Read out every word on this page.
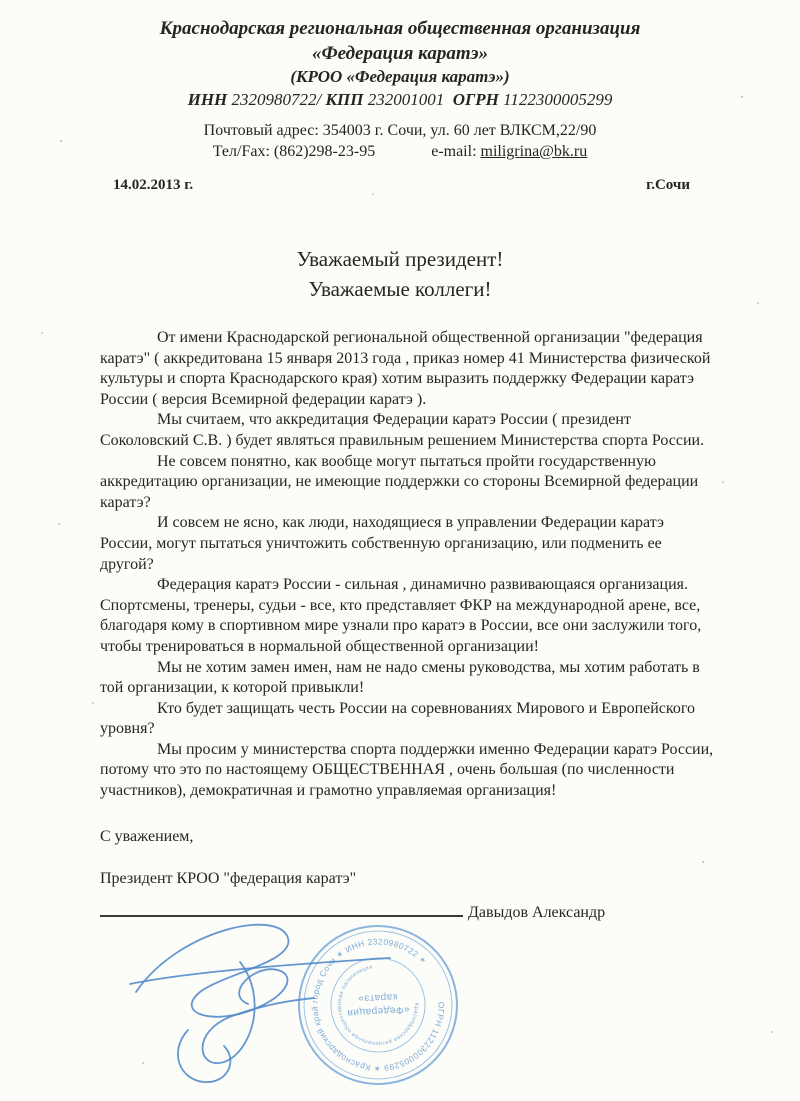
Краснодарская региональная общественная организация
«Федерация каратэ»
(КРОО «Федерация каратэ»)
ИНН 2320980722/ КПП 232001001 ОГРН 1122300005299
Почтовый адрес: 354003 г. Сочи, ул. 60 лет ВЛКСМ,22/90
Тел/Fax: (862)298-23-95	e-mail: miligrina@bk.ru
14.02.2013 г.	г.Сочи
Уважаемый президент!
Уважаемые коллеги!

От имени Краснодарской региональной общественной организации "федерация каратэ" ( аккредитована 15 января 2013 года , приказ номер 41 Министерства физической культуры и спорта Краснодарского края) хотим выразить поддержку Федерации каратэ России ( версия Всемирной федерации каратэ ).

Мы считаем, что аккредитация Федерации каратэ России ( президент Соколовский С.В. ) будет являться правильным решением Министерства спорта России.

Не совсем понятно, как вообще могут пытаться пройти государственную аккредитацию организации, не имеющие поддержки со стороны Всемирной федерации каратэ?

И совсем не ясно, как люди, находящиеся в управлении Федерации каратэ России, могут пытаться уничтожить собственную организацию, или подменить ее другой?

Федерация каратэ России - сильная , динамично развивающаяся организация. Спортсмены, тренеры, судьи - все, кто представляет ФКР на международной арене, все, благодаря кому в спортивном мире узнали про каратэ в России, все они заслужили того, чтобы тренироваться в нормальной общественной организации!

Мы не хотим замен имен, нам не надо смены руководства, мы хотим работать в той организации, к которой привыкли!

Кто будет защищать честь России на соревнованиях Мирового и Европейского уровня?

Мы просим у министерства спорта поддержки именно Федерации каратэ России, потому что это по настоящему ОБЩЕСТВЕННАЯ , очень большая (по численности участников), демократичная и грамотно управляемая организация!

С уважением,

Президент КРОО "федерация каратэ"

Давыдов Александр
ОГРН 1122300005299 ✶ Краснодарский край город Сочи ✶ ИНН 2320980722 ✶
Краснодарская региональная общественная организация
«Федерация
каратэ»
